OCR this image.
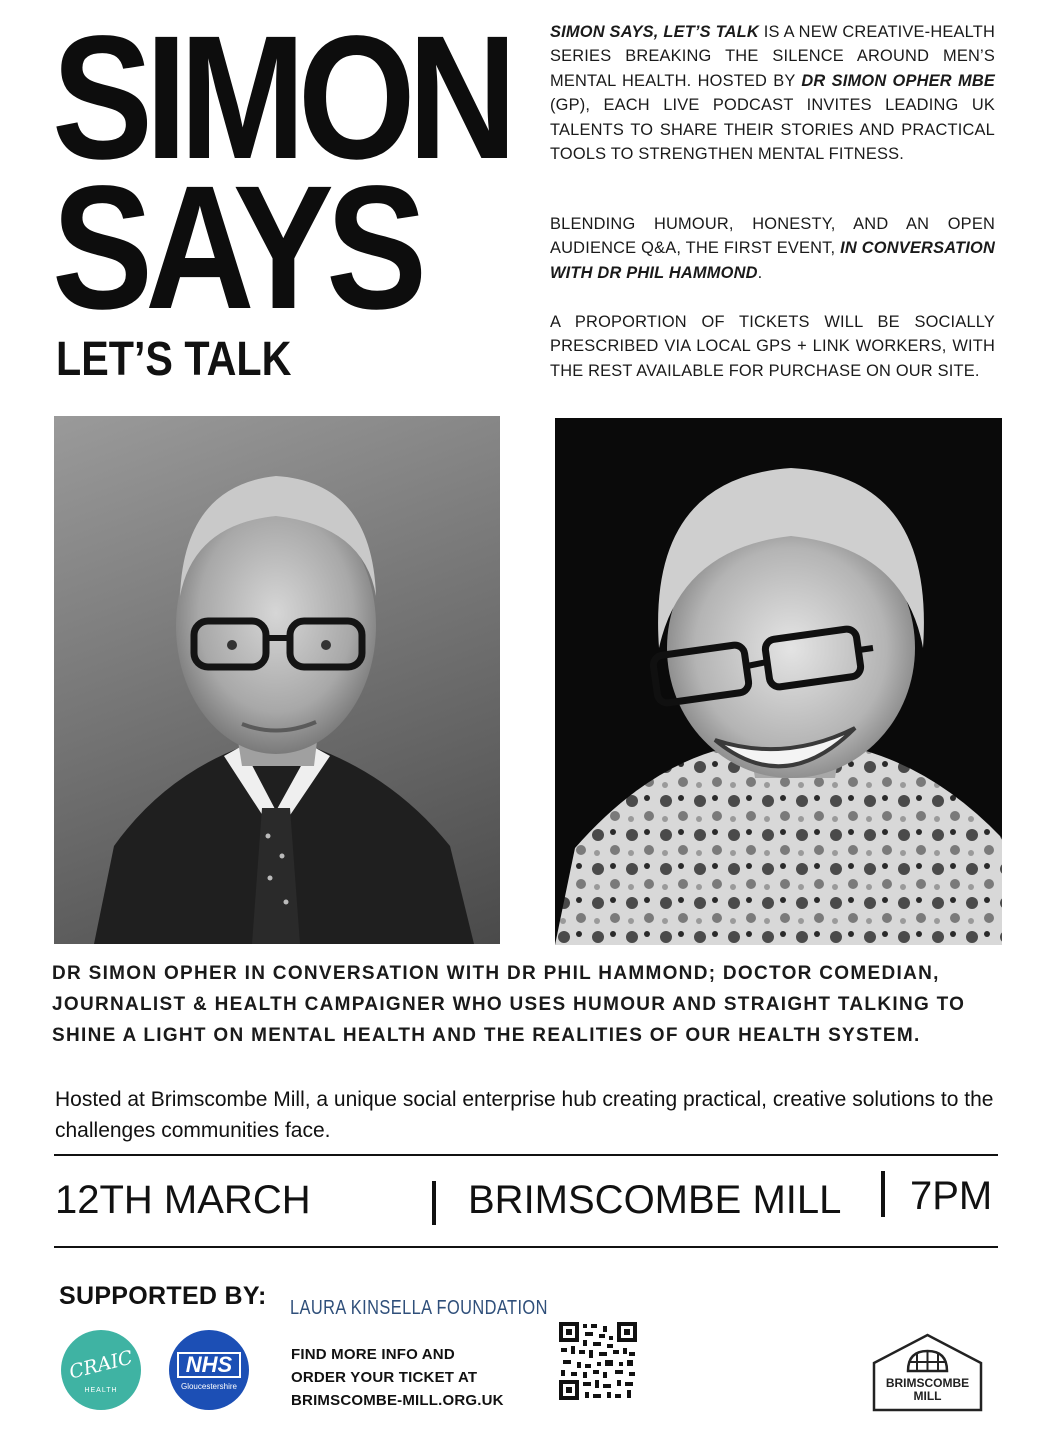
SIMON
SAYS
LET’S TALK
SIMON SAYS, LET’S TALK IS A NEW CREATIVE-HEALTH SERIES BREAKING THE SILENCE AROUND MEN’S MENTAL HEALTH. HOSTED BY DR SIMON OPHER MBE (GP), EACH LIVE PODCAST INVITES LEADING UK TALENTS TO SHARE THEIR STORIES AND PRACTICAL TOOLS TO STRENGTHEN MENTAL FITNESS.
BLENDING HUMOUR, HONESTY, AND AN OPEN AUDIENCE Q&A, THE FIRST EVENT, IN CONVERSATION WITH DR PHIL HAMMOND.
A PROPORTION OF TICKETS WILL BE SOCIALLY PRESCRIBED VIA LOCAL GPS + LINK WORKERS, WITH THE REST AVAILABLE FOR PURCHASE ON OUR SITE.
DR SIMON OPHER IN CONVERSATION WITH DR PHIL HAMMOND; DOCTOR COMEDIAN, JOURNALIST & HEALTH CAMPAIGNER WHO USES HUMOUR AND STRAIGHT TALKING TO SHINE A LIGHT ON MENTAL HEALTH AND THE REALITIES OF OUR HEALTH SYSTEM.
Hosted at Brimscombe Mill, a unique social enterprise hub creating practical, creative solutions to the challenges communities face.
12TH MARCH	BRIMSCOMBE MILL 7PM
SUPPORTED BY: LAURA KINSELLA FOUNDATION
CRAIC
HEALTH
NHS
Gloucestershire
FIND MORE INFO AND
ORDER YOUR TICKET AT
BRIMSCOMBE-MILL.ORG.UK
BRIMSCOMBE
MILL
